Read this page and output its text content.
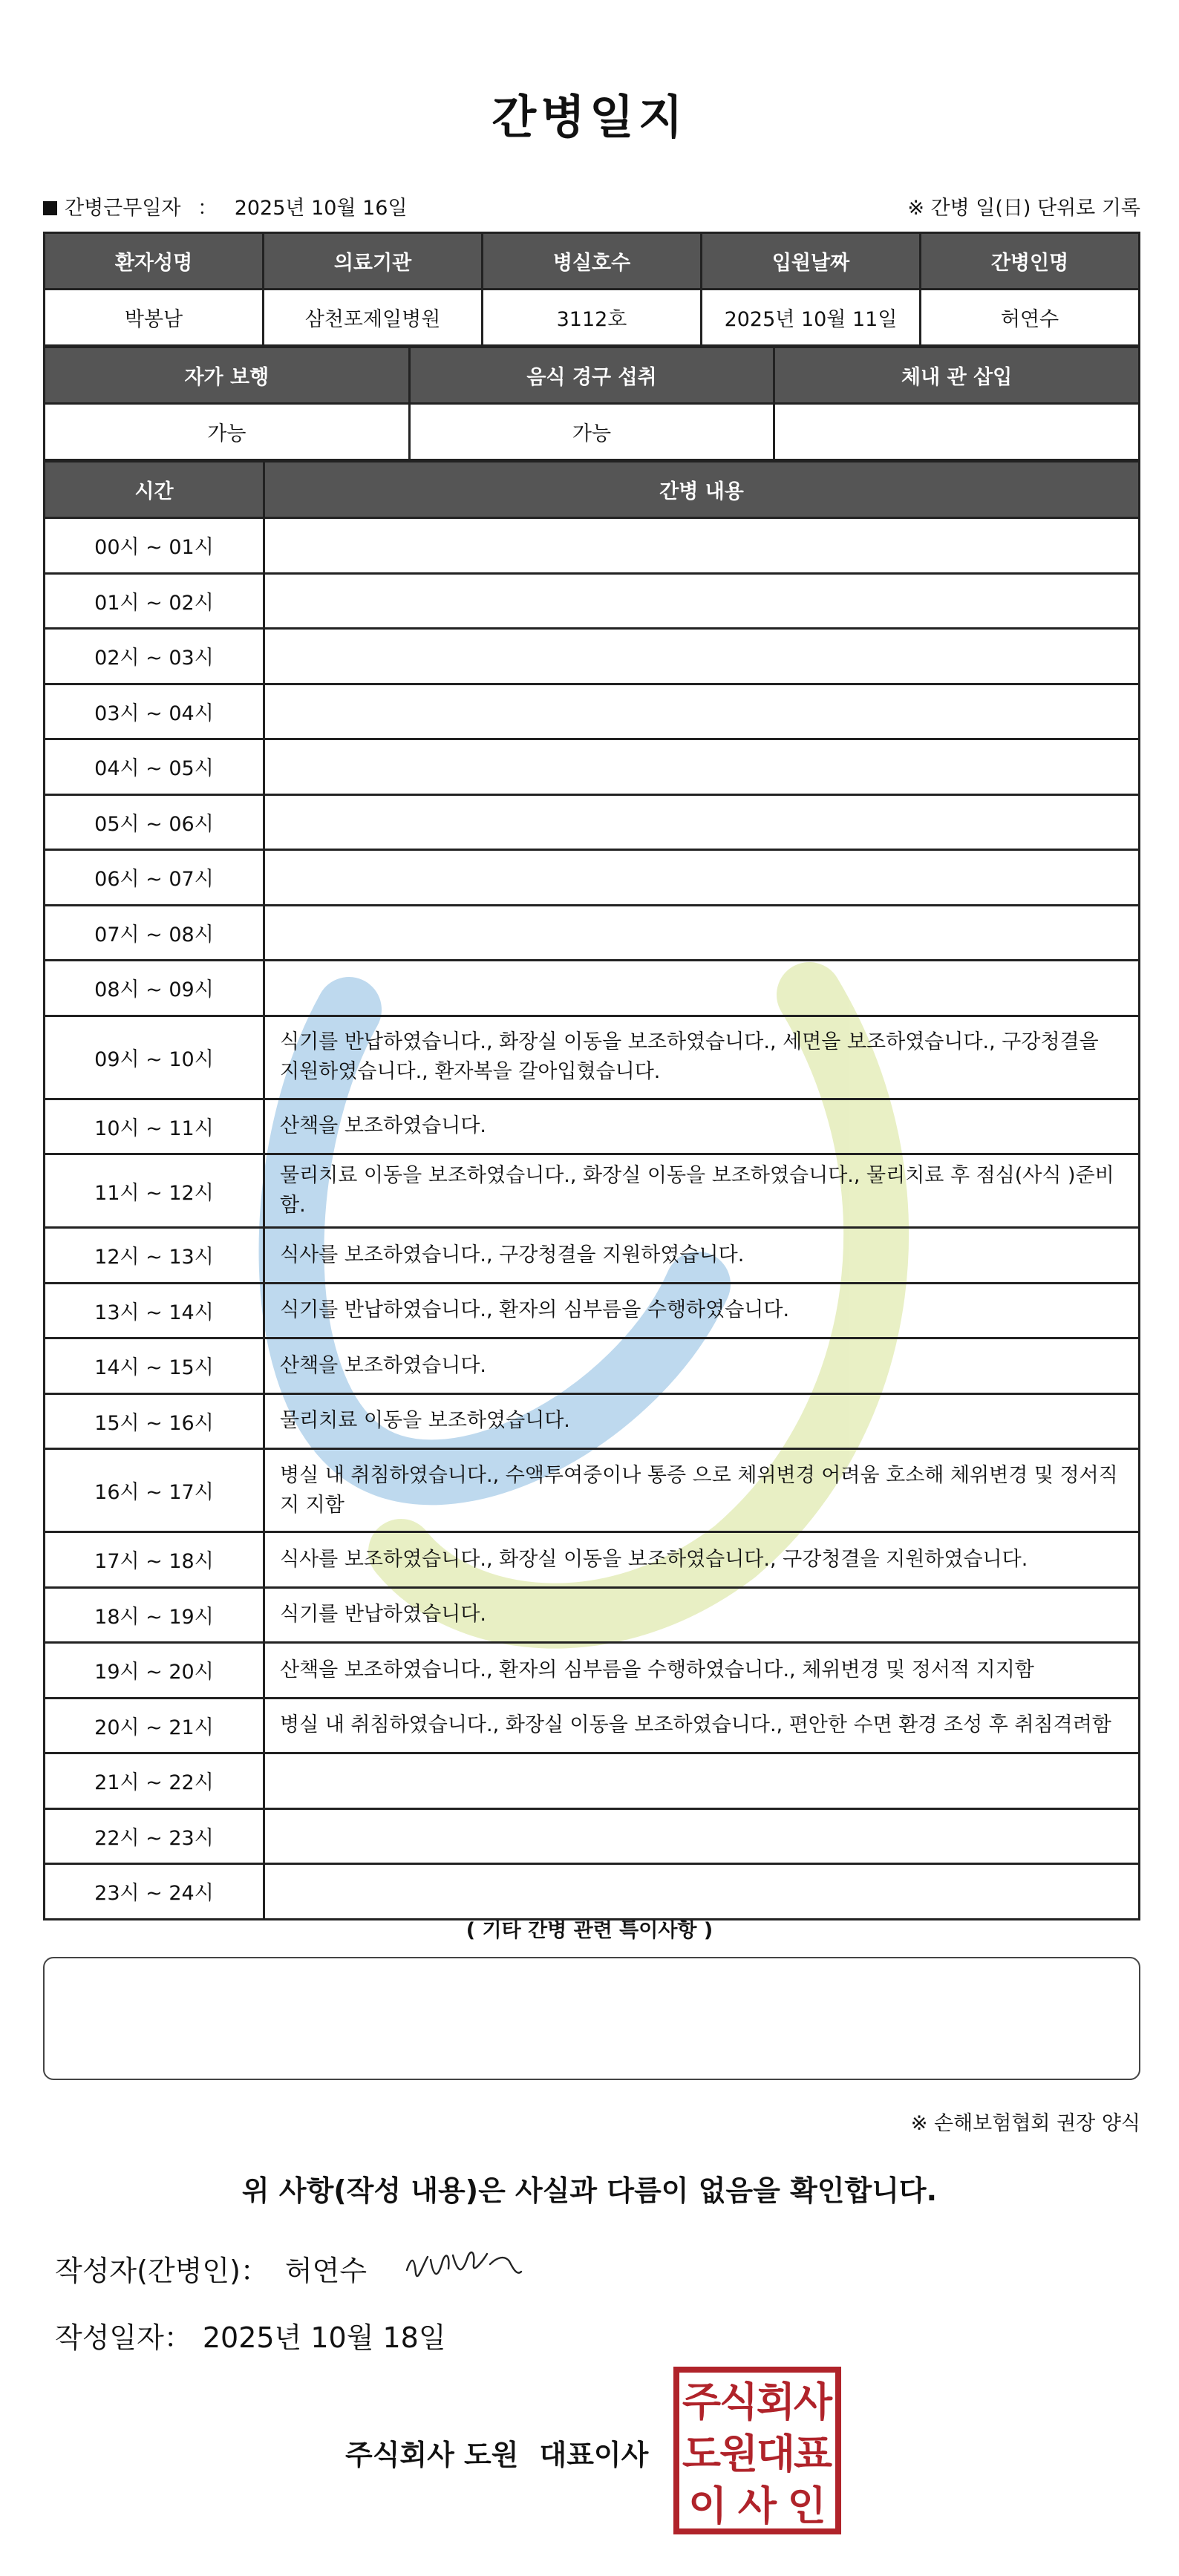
간병일지
간병근무일자 ： 2025년 10월 16일	※ 간병 일(日) 단위로 기록
환자성명	의료기관	병실호수	입원날짜	간병인명
박봉남	삼천포제일병원	3112호	2025년 10월 11일	허연수
자가 보행	음식 경구 섭취	체내 관 삽입
가능	가능	
시간	간병 내용
00시 ~ 01시	
01시 ~ 02시	
02시 ~ 03시	
03시 ~ 04시	
04시 ~ 05시	
05시 ~ 06시	
06시 ~ 07시	
07시 ~ 08시	
08시 ~ 09시	
09시 ~ 10시	식기를 반납하였습니다., 화장실 이동을 보조하였습니다., 세면을 보조하였습니다., 구강청결을 지원하였습니다., 환자복을 갈아입혔습니다.
10시 ~ 11시	산책을 보조하였습니다.
11시 ~ 12시	물리치료 이동을 보조하였습니다., 화장실 이동을 보조하였습니다., 물리치료 후 점심(사식 )준비함.
12시 ~ 13시	식사를 보조하였습니다., 구강청결을 지원하였습니다.
13시 ~ 14시	식기를 반납하였습니다., 환자의 심부름을 수행하였습니다.
14시 ~ 15시	산책을 보조하였습니다.
15시 ~ 16시	물리치료 이동을 보조하였습니다.
16시 ~ 17시	병실 내 취침하였습니다., 수액투여중이나 통증 으로 체위변경 어려움 호소해 체위변경 및 정서직지 지함
17시 ~ 18시	식사를 보조하였습니다., 화장실 이동을 보조하였습니다., 구강청결을 지원하였습니다.
18시 ~ 19시	식기를 반납하였습니다.
19시 ~ 20시	산책을 보조하였습니다., 환자의 심부름을 수행하였습니다., 체위변경 및 정서적 지지함
20시 ~ 21시	병실 내 취침하였습니다., 화장실 이동을 보조하였습니다., 편안한 수면 환경 조성 후 취침격려함
21시 ~ 22시	
22시 ~ 23시	
23시 ~ 24시	
( 기타 간병 관련 특이사항 )
※ 손해보험협회 권장 양식
위 사항(작성 내용)은 사실과 다름이 없음을 확인합니다.
작성자(간병인)： 허연수
작성일자： 2025년 10월 18일
주식회사 도원 대표이사
주
식
회
사
도
원
대
표
이 사 인
